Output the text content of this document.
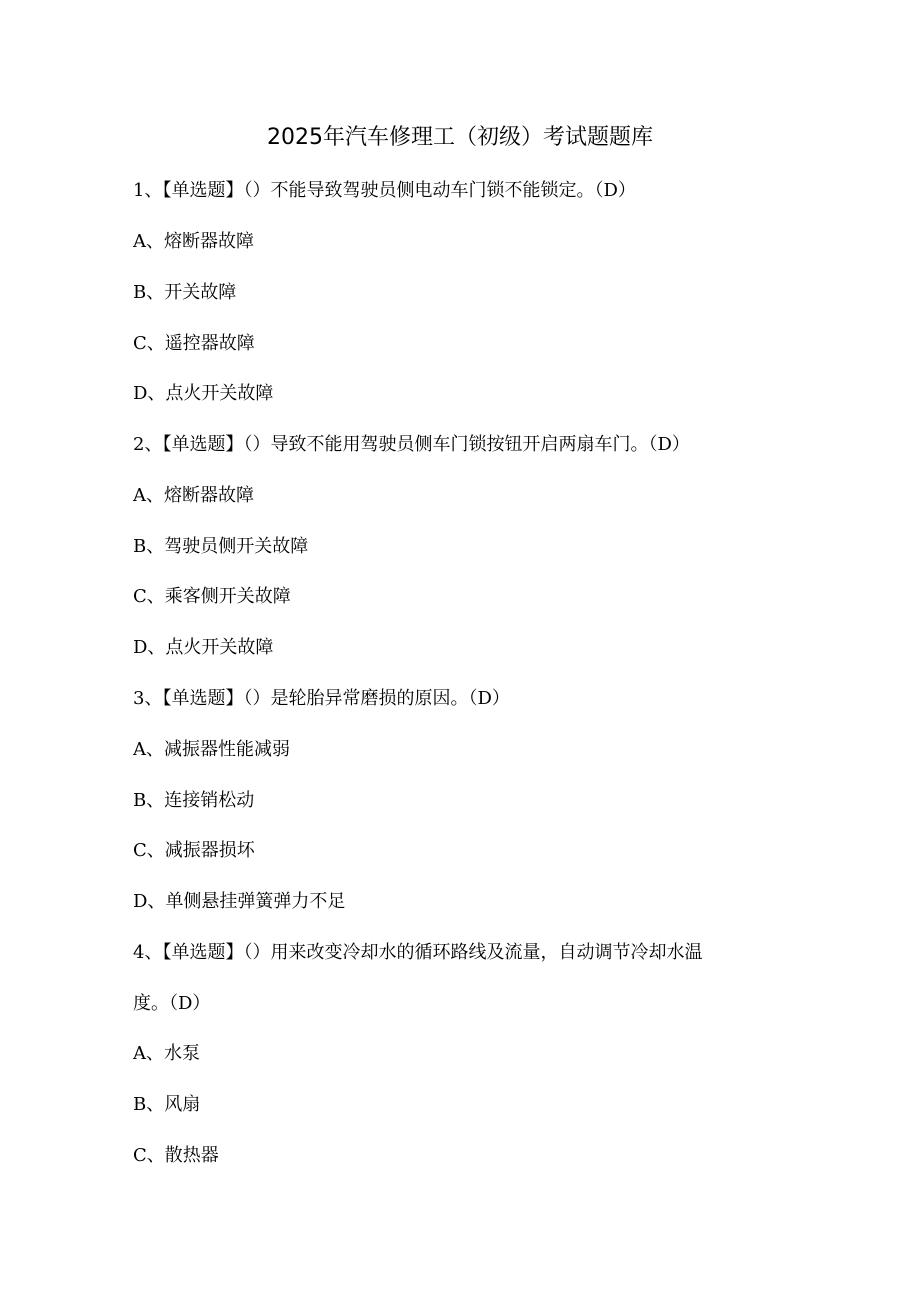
2025年汽车修理工（初级）考试题题库
1、【单选题】（）不能导致驾驶员侧电动车门锁不能锁定。（D）
A、熔断器故障
B、开关故障
C、遥控器故障
D、点火开关故障
2、【单选题】（）导致不能用驾驶员侧车门锁按钮开启两扇车门。（D）
A、熔断器故障
B、驾驶员侧开关故障
C、乘客侧开关故障
D、点火开关故障
3、【单选题】（）是轮胎异常磨损的原因。（D）
A、减振器性能减弱
B、连接销松动
C、减振器损坏
D、单侧悬挂弹簧弹力不足
4、【单选题】（）用来改变冷却水的循环路线及流量，自动调节冷却水温
度。（D）
A、水泵
B、风扇
C、散热器
